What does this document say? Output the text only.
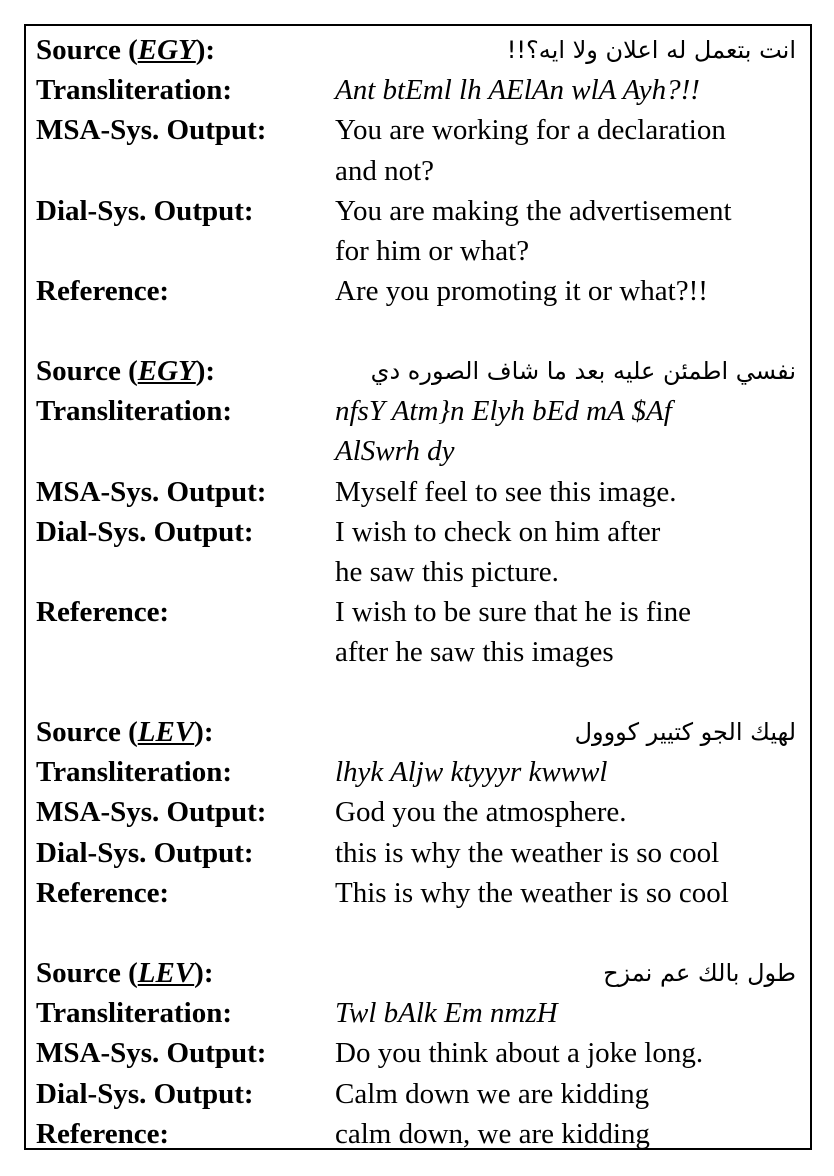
Source (EGY):	انت بتعمل له اعلان ولا ايه؟!!
Transliteration:	Ant btEml lh AElAn wlA Ayh?!!
MSA-Sys. Output:	You are working for a declaration
and not?
Dial-Sys. Output:	You are making the advertisement
for him or what?
Reference:	Are you promoting it or what?!!
Source (EGY):	نفسي اطمئن عليه بعد ما شاف الصوره دي
Transliteration:	nfsY Atm}n Elyh bEd mA $Af
AlSwrh dy
MSA-Sys. Output:	Myself feel to see this image.
Dial-Sys. Output:	I wish to check on him after
he saw this picture.
Reference:	I wish to be sure that he is fine
after he saw this images
Source (LEV):	لهيك الجو كتيير كووول
Transliteration:	lhyk Aljw ktyyyr kwwwl
MSA-Sys. Output:	God you the atmosphere.
Dial-Sys. Output:	this is why the weather is so cool
Reference:	This is why the weather is so cool
Source (LEV):	طول بالك عم نمزح
Transliteration:	Twl bAlk Em nmzH
MSA-Sys. Output:	Do you think about a joke long.
Dial-Sys. Output:	Calm down we are kidding
Reference:	calm down, we are kidding
